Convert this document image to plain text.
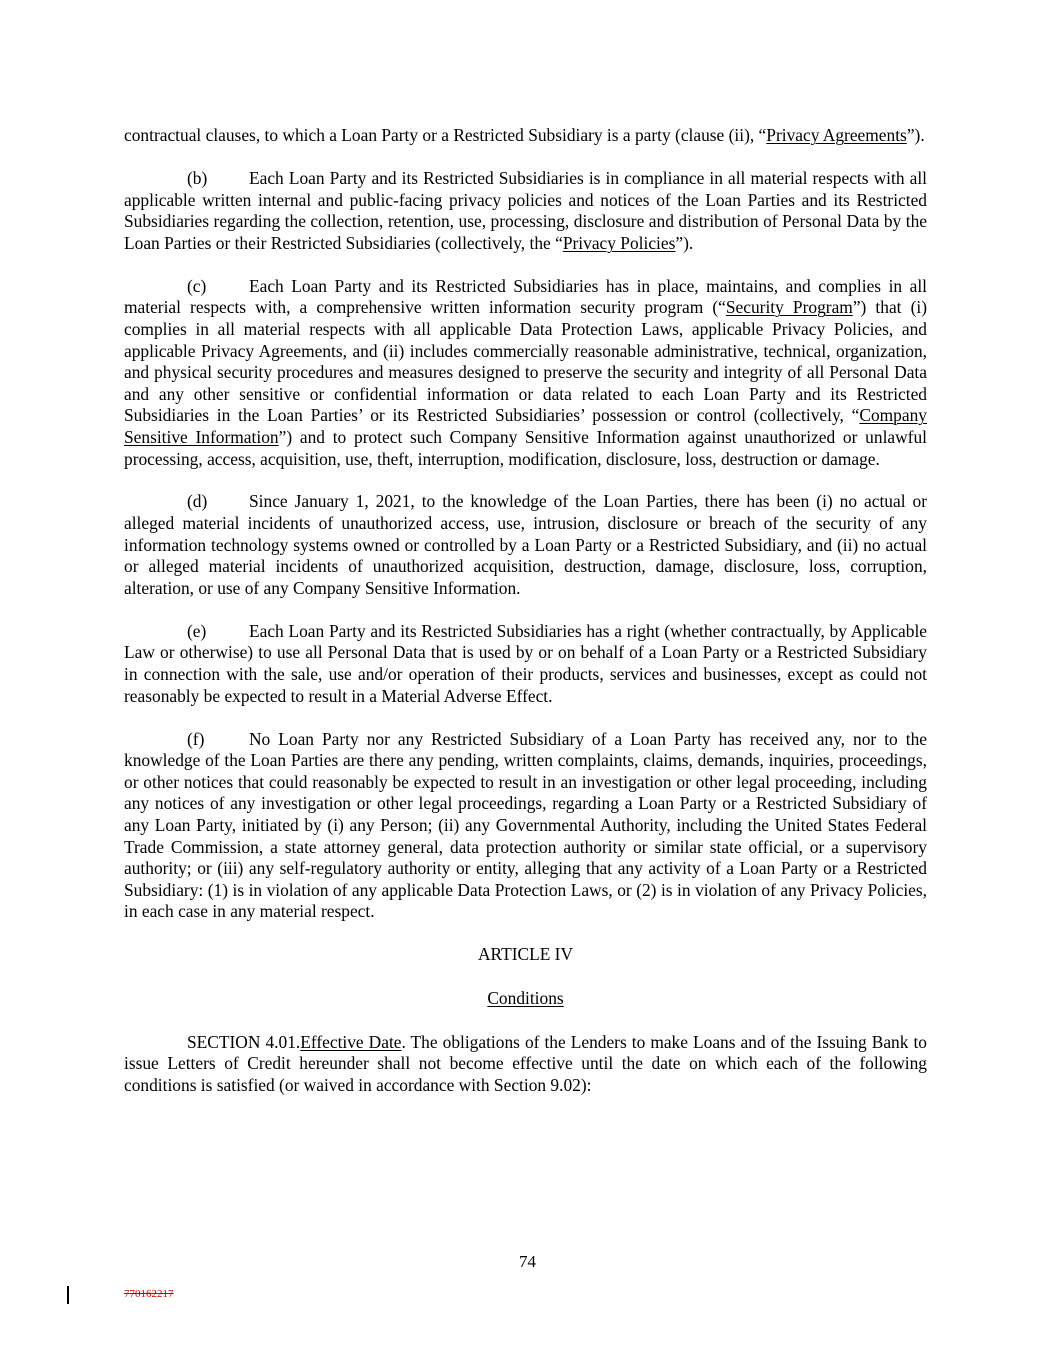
contractual clauses, to which a Loan Party or a Restricted Subsidiary is a party (clause (ii), “Privacy Agreements”).

(b) Each Loan Party and its Restricted Subsidiaries is in compliance in all material respects with all applicable written internal and public-facing privacy policies and notices of the Loan Parties and its Restricted Subsidiaries regarding the collection, retention, use, processing, disclosure and distribution of Personal Data by the Loan Parties or their Restricted Subsidiaries (collectively, the “Privacy Policies”).

(c) Each Loan Party and its Restricted Subsidiaries has in place, maintains, and complies in all material respects with, a comprehensive written information security program (“Security Program”) that (i) complies in all material respects with all applicable Data Protection Laws, applicable Privacy Policies, and applicable Privacy Agreements, and (ii) includes commercially reasonable administrative, technical, organization, and physical security procedures and measures designed to preserve the security and integrity of all Personal Data and any other sensitive or confidential information or data related to each Loan Party and its Restricted Subsidiaries in the Loan Parties’ or its Restricted Subsidiaries’ possession or control (collectively, “Company Sensitive Information”) and to protect such Company Sensitive Information against unauthorized or unlawful processing, access, acquisition, use, theft, interruption, modification, disclosure, loss, destruction or damage.

(d) Since January 1, 2021, to the knowledge of the Loan Parties, there has been (i) no actual or alleged material incidents of unauthorized access, use, intrusion, disclosure or breach of the security of any information technology systems owned or controlled by a Loan Party or a Restricted Subsidiary, and (ii) no actual or alleged material incidents of unauthorized acquisition, destruction, damage, disclosure, loss, corruption, alteration, or use of any Company Sensitive Information.

(e) Each Loan Party and its Restricted Subsidiaries has a right (whether contractually, by Applicable Law or otherwise) to use all Personal Data that is used by or on behalf of a Loan Party or a Restricted Subsidiary in connection with the sale, use and/or operation of their products, services and businesses, except as could not reasonably be expected to result in a Material Adverse Effect.

(f)	No Loan Party nor any Restricted Subsidiary of a Loan Party has received any, nor to the knowledge of the Loan Parties are there any pending, written complaints, claims, demands, inquiries, proceedings, or other notices that could reasonably be expected to result in an investigation or other legal proceeding, including any notices of any investigation or other legal proceedings, regarding a Loan Party or a Restricted Subsidiary of any Loan Party, initiated by (i) any Person; (ii) any Governmental Authority, including the United States Federal Trade Commission, a state attorney general, data protection authority or similar state official, or a supervisory authority; or (iii) any self-regulatory authority or entity, alleging that any activity of a Loan Party or a Restricted Subsidiary: (1) is in violation of any applicable Data Protection Laws, or (2) is in violation of any Privacy Policies, in each case in any material respect.

ARTICLE IV

Conditions

SECTION 4.01.Effective Date. The obligations of the Lenders to make Loans and of the Issuing Bank to issue Letters of Credit hereunder shall not become effective until the date on which each of the following conditions is satisfied (or waived in accordance with Section 9.02):

74
770162217
